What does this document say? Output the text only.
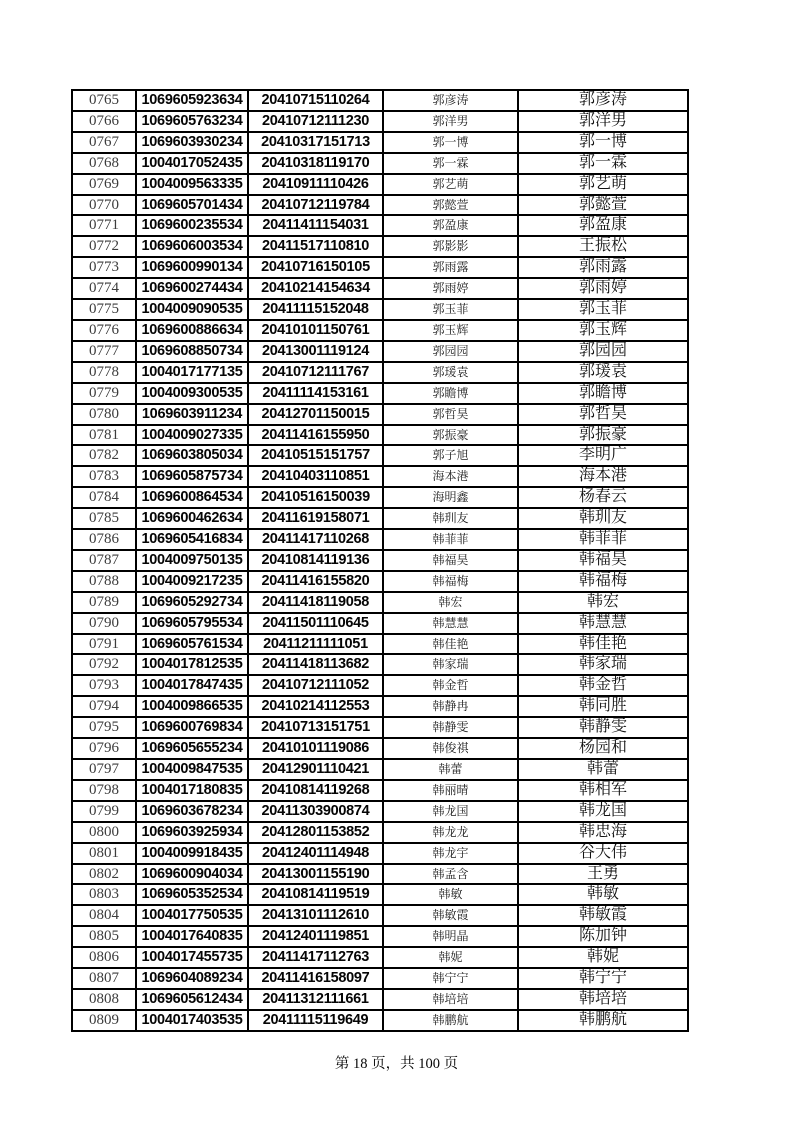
0765	1069605923634	20410715110264	郭彦涛	郭彦涛
0766	1069605763234	20410712111230	郭洋男	郭洋男
0767	1069603930234	20410317151713	郭一博	郭一博
0768	1004017052435	20410318119170	郭一霖	郭一霖
0769	1004009563335	20410911110426	郭艺萌	郭艺萌
0770	1069605701434	20410712119784	郭懿萱	郭懿萱
0771	1069600235534	20411411154031	郭盈康	郭盈康
0772	1069606003534	20411517110810	郭影影	王振松
0773	1069600990134	20410716150105	郭雨露	郭雨露
0774	1069600274434	20410214154634	郭雨婷	郭雨婷
0775	1004009090535	20411115152048	郭玉菲	郭玉菲
0776	1069600886634	20410101150761	郭玉辉	郭玉辉
0777	1069608850734	20413001119124	郭园园	郭园园
0778	1004017177135	20410712111767	郭瑗袁	郭瑗袁
0779	1004009300535	20411114153161	郭瞻博	郭瞻博
0780	1069603911234	20412701150015	郭哲昊	郭哲昊
0781	1004009027335	20411416155950	郭振豪	郭振豪
0782	1069603805034	20410515151757	郭子旭	李明广
0783	1069605875734	20410403110851	海本港	海本港
0784	1069600864534	20410516150039	海明鑫	杨春云
0785	1069600462634	20411619158071	韩玔友	韩玔友
0786	1069605416834	20411417110268	韩菲菲	韩菲菲
0787	1004009750135	20410814119136	韩福昊	韩福昊
0788	1004009217235	20411416155820	韩福梅	韩福梅
0789	1069605292734	20411418119058	韩宏	韩宏
0790	1069605795534	20411501110645	韩慧慧	韩慧慧
0791	1069605761534	20411211111051	韩佳艳	韩佳艳
0792	1004017812535	20411418113682	韩家瑞	韩家瑞
0793	1004017847435	20410712111052	韩金哲	韩金哲
0794	1004009866535	20410214112553	韩静冉	韩同胜
0795	1069600769834	20410713151751	韩静雯	韩静雯
0796	1069605655234	20410101119086	韩俊祺	杨园和
0797	1004009847535	20412901110421	韩蕾	韩蕾
0798	1004017180835	20410814119268	韩丽晴	韩相军
0799	1069603678234	20411303900874	韩龙国	韩龙国
0800	1069603925934	20412801153852	韩龙龙	韩忠海
0801	1004009918435	20412401114948	韩龙宇	谷大伟
0802	1069600904034	20413001155190	韩孟含	王勇
0803	1069605352534	20410814119519	韩敏	韩敏
0804	1004017750535	20413101112610	韩敏霞	韩敏霞
0805	1004017640835	20412401119851	韩明晶	陈加钟
0806	1004017455735	20411417112763	韩妮	韩妮
0807	1069604089234	20411416158097	韩宁宁	韩宁宁
0808	1069605612434	20411312111661	韩培培	韩培培
0809	1004017403535	20411115119649	韩鹏航	韩鹏航
第 18 页，共 100 页
